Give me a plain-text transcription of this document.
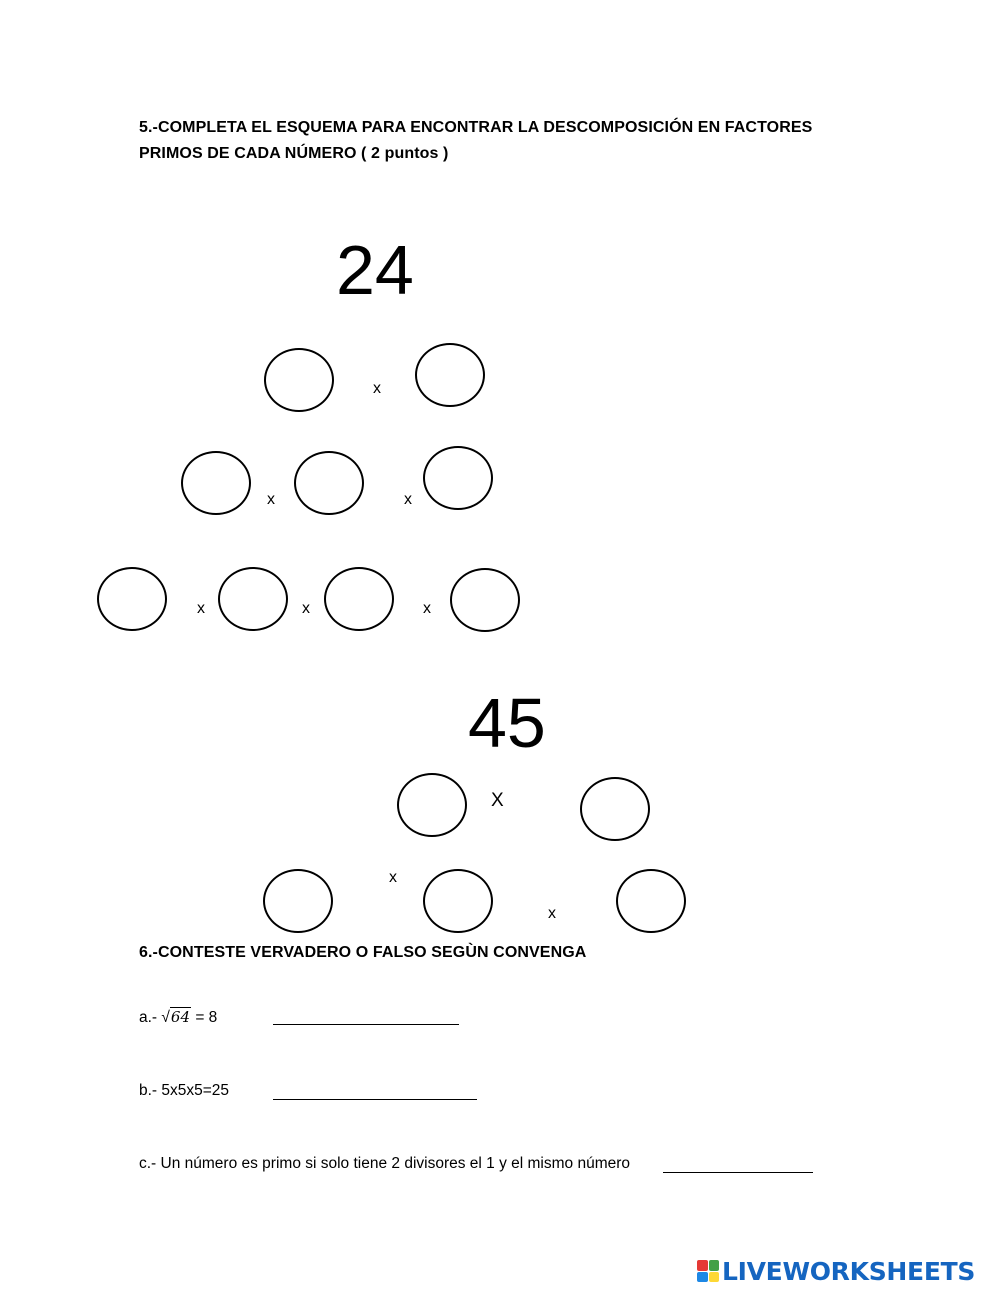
5.-COMPLETA EL ESQUEMA PARA ENCONTRAR LA DESCOMPOSICIÓN EN FACTORES
PRIMOS DE CADA NÚMERO ( 2 puntos )
24
x
x	x
x	x	x
45
X
x
x
6.-CONTESTE VERVADERO O FALSO SEGÙN CONVENGA
a.- √64 = 8
b.- 5x5x5=25
c.- Un número es primo si solo tiene 2 divisores el 1 y el mismo número
LIVEWORKSHEETS
